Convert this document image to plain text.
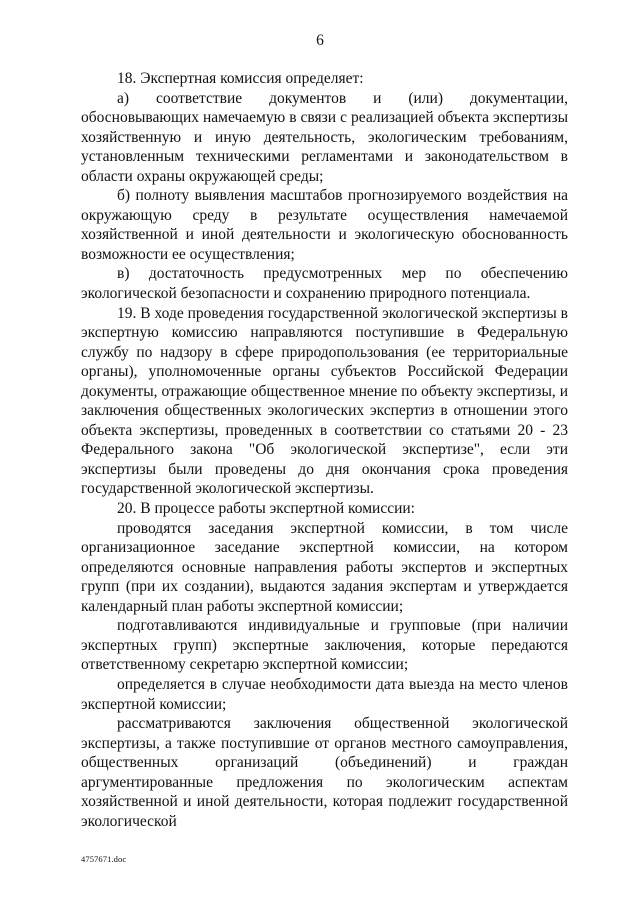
6

18. Экспертная комиссия определяет:

а) соответствие документов и (или) документации, обосновывающих намечаемую в связи с реализацией объекта экспертизы хозяйственную и иную деятельность, экологическим требованиям, установленным техническими регламентами и законодательством в области охраны окружающей среды;

б) полноту выявления масштабов прогнозируемого воздействия на окружающую среду в результате осуществления намечаемой хозяйственной и иной деятельности и экологическую обоснованность возможности ее осуществления;

в) достаточность предусмотренных мер по обеспечению экологической безопасности и сохранению природного потенциала.

19. В ходе проведения государственной экологической экспертизы в экспертную комиссию направляются поступившие в Федеральную службу по надзору в сфере природопользования (ее территориальные органы), уполномоченные органы субъектов Российской Федерации документы, отражающие общественное мнение по объекту экспертизы, и заключения общественных экологических экспертиз в отношении этого объекта экспертизы, проведенных в соответствии со статьями 20 - 23 Федерального закона "Об экологической экспертизе", если эти экспертизы были проведены до дня окончания срока проведения государственной экологической экспертизы.

20. В процессе работы экспертной комиссии:

проводятся заседания экспертной комиссии, в том числе организационное заседание экспертной комиссии, на котором определяются основные направления работы экспертов и экспертных групп (при их создании), выдаются задания экспертам и утверждается календарный план работы экспертной комиссии;

подготавливаются индивидуальные и групповые (при наличии экспертных групп) экспертные заключения, которые передаются ответственному секретарю экспертной комиссии;

определяется в случае необходимости дата выезда на место членов экспертной комиссии;

рассматриваются заключения общественной экологической экспертизы, а также поступившие от органов местного самоуправления, общественных организаций (объединений) и граждан аргументированные предложения по экологическим аспектам хозяйственной и иной деятельности, которая подлежит государственной экологической

4757671.doc
